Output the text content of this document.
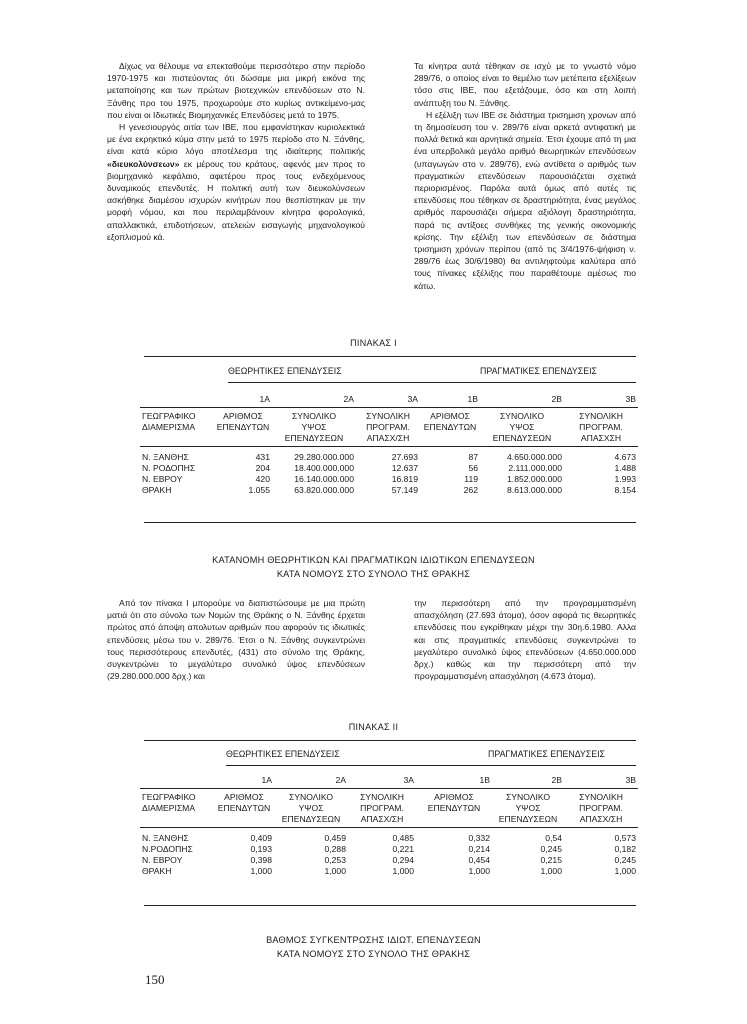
Δίχως να θέλουμε να επεκταθούμε περισσότερο στην περίοδο 1970-1975 και πιστεύοντας ότι δώσαμε μια μικρή εικόνα της μεταποίησης και των πρώτων βιοτεχνικών επενδύσεων στο Ν. Ξάνθης προ του 1975, προχωρούμε στο κυρίως αντικείμενο-μας που είναι οι Ιδιωτικές Βιομηχανικές Επενδύσεις μετά το 1975.

Η γενεσιουργός αιτία των ΙΒΕ, που εμφανίστηκαν κυριολεκτικά με ένα εκρηκτικό κύμα στην μετά το 1975 περίοδο στο Ν. Ξάνθης, είναι κατά κύριο λόγο αποτέλεσμα της ιδιαίτερης πολιτικής «διευκολύνσεων» εκ μέρους του κράτους, αφενός μεν προς το βιομηχανικό κεφάλαιο, αφετέρου προς τους ενδεχόμενους δυναμικούς επενδυτές. Η πολιτική αυτή των διευκολύνσεων ασκήθηκε διαμέσου ισχυρών κινήτρων που θεσπίστηκαν με την μορφή νόμου, και που περιλαμβάνουν κίνητρα φορολογικά, απαλλακτικά, επιδοτήσεων, ατελειών εισαγωγής μηχανολογικού εξοπλισμού κά.

Τα κίνητρα αυτά τέθηκαν σε ισχύ με το γνωστό νόμο 289/76, ο οποίος είναι το θεμέλιο των μετέπειτα εξελίξεων τόσο στις ΙΒΕ, που εξετάζουμε, όσο και στη λοιπή ανάπτυξη του Ν. Ξάνθης.

Η εξέλιξη των ΙΒΕ σε διάστημα τρισημιση χρονων από τη δημοσίευση του ν. 289/76 είναι αρκετά αντιφατική με πολλά θετικά και αρνητικά σημεία. Έτσι έχουμε από τη μια ένα υπερβολικά μεγάλο αριθμό θεωρητικών επενδύσεων (υπαγωγών στο ν. 289/76), ενώ αντίθετα ο αριθμός των πραγματικών επενδύσεων παρουσιάζεται σχετικά περιορισμένος. Παρόλα αυτά όμως από αυτές τις επενδύσεις που τέθηκαν σε δραστηριότητα, ένας μεγάλος αριθμός παρουσιάζει σήμερα αξιόλογη δραστηριότητα, παρά τις αντίξοες συνθήκες της γενικής οικονομικής κρίσης. Την εξέλιξη των επενδύσεων σε διάστημα τρισημιση χρόνων περίπου (από τις 3/4/1976-ψήφιση ν. 289/76 έως 30/6/1980) θα αντιληφτούμε καλύτερα από τους πίνακες εξέλιξης που παραθέτουμε αμέσως πιο κάτω.

ΠΙΝΑΚΑΣ Ι
ΘΕΩΡΗΤΙΚΕΣ ΕΠΕΝΔΥΣΕΙΣ	ΠΡΑΓΜΑΤΙΚΕΣ ΕΠΕΝΔΥΣΕΙΣ
	1Α	2Α	3Α	1Β	2Β	3Β

ΓΕΩΓΡΑΦΙΚΟ	ΑΡΙΘΜΟΣ	ΣΥΝΟΛΙΚΟ	ΣΥΝΟΛΙΚΗ	ΑΡΙΘΜΟΣ	ΣΥΝΟΛΙΚΟ	ΣΥΝΟΛΙΚΗ
ΔΙΑΜΕΡΙΣΜΑ	ΕΠΕΝΔΥΤΩΝ	ΥΨΟΣ	ΠΡΟΓΡΑΜ.	ΕΠΕΝΔΥΤΩΝ	ΥΨΟΣ	ΠΡΟΓΡΑΜ.
		ΕΠΕΝΔΥΣΕΩΝ	ΑΠΑΣΧ/ΣΗ		ΕΠΕΝΔΥΣΕΩΝ	ΑΠΑΣΧΣΗ

Ν. ΞΑΝΘΗΣ	431	29.280.000.000	27.693	87	4.650.000.000	4.673
Ν. ΡΟΔΟΠΗΣ	204	18.400.000.000	12.637	56	2.111.000.000	1.488
Ν. ΕΒΡΟΥ	420	16.140.000.000	16.819	119	1.852.000.000	1.993
ΘΡΑΚΗ	1.055	63.820.000.000	57.149	262	8.613.000.000	8.154
ΚΑΤΑΝΟΜΗ ΘΕΩΡΗΤΙΚΩΝ ΚΑΙ ΠΡΑΓΜΑΤΙΚΩΝ ΙΔΙΩΤΙΚΩΝ ΕΠΕΝΔΥΣΕΩΝ
ΚΑΤΑ ΝΟΜΟΥΣ ΣΤΟ ΣΥΝΟΛΟ ΤΗΣ ΘΡΑΚΗΣ

Από τον πίνακα Ι μπορούμε να διαπιστώσουμε με μια πρώτη ματιά ότι στο σύνολο των Νομών της Θράκης ο Ν. Ξάνθης έρχεται πρώτος από άποψη απολυτων αριθμών που αφορούν τις ιδιωτικές επενδύσεις μέσω του ν. 289/76. Έτσι ο Ν. Ξάνθης συγκεντρώνει τους περισσότερους επενδυτές, (431) στο σύνολο της Θράκης, συγκεντρώνει το μεγαλύτερο συνολικό ύψος επενδύσεων (29.280.000.000 δρχ.) και

την περισσότερη από την προγραμματισμένη απασχόληση (27.693 άτομα), όσον αφορά τις θεωρητικές επενδύσεις που εγκρίθηκαν μέχρι την 30η.6.1980. Αλλα και στις πραγματικές επενδύσεις συγκεντρώνει το μεγαλύτερο συνολικό ύψος επενδύσεων (4.650.000.000 δρχ.) καθώς και την περισσότερη από την προγραμματισμένη απασχόληση (4.673 άτομα).

ΠΙΝΑΚΑΣ ΙΙ
ΘΕΩΡΗΤΙΚΕΣ ΕΠΕΝΔΥΣΕΙΣ	ΠΡΑΓΜΑΤΙΚΕΣ ΕΠΕΝΔΥΣΕΙΣ
	1Α	2Α	3Α	1Β	2Β	3Β

ΓΕΩΓΡΑΦΙΚΟ	ΑΡΙΘΜΟΣ	ΣΥΝΟΛΙΚΟ	ΣΥΝΟΛΙΚΗ	ΑΡΙΘΜΟΣ	ΣΥΝΟΛΙΚΟ	ΣΥΝΟΛΙΚΗ
ΔΙΑΜΕΡΙΣΜΑ	ΕΠΕΝΔΥΤΩΝ	ΥΨΟΣ	ΠΡΟΓΡΑΜ.	ΕΠΕΝΔΥΤΩΝ	ΥΨΟΣ	ΠΡΟΓΡΑΜ.
		ΕΠΕΝΔΥΣΕΩΝ	ΑΠΑΣΧ/ΣΗ		ΕΠΕΝΔΥΣΕΩΝ	ΑΠΑΣΧ/ΣΗ

Ν. ΞΑΝΘΗΣ	0,409	0,459	0,485	0,332	0,54	0,573
Ν.ΡΟΔΟΠΗΣ	0,193	0,288	0,221	0,214	0,245	0,182
Ν. ΕΒΡΟΥ	0,398	0,253	0,294	0,454	0,215	0,245
ΘΡΑΚΗ	1,000	1,000	1,000	1,000	1,000	1,000
ΒΑΘΜΟΣ ΣΥΓΚΕΝΤΡΩΣΗΣ ΙΔΙΩΤ. ΕΠΕΝΔΥΣΕΩΝ
ΚΑΤΑ ΝΟΜΟΥΣ ΣΤΟ ΣΥΝΟΛΟ ΤΗΣ ΘΡΑΚΗΣ
150
